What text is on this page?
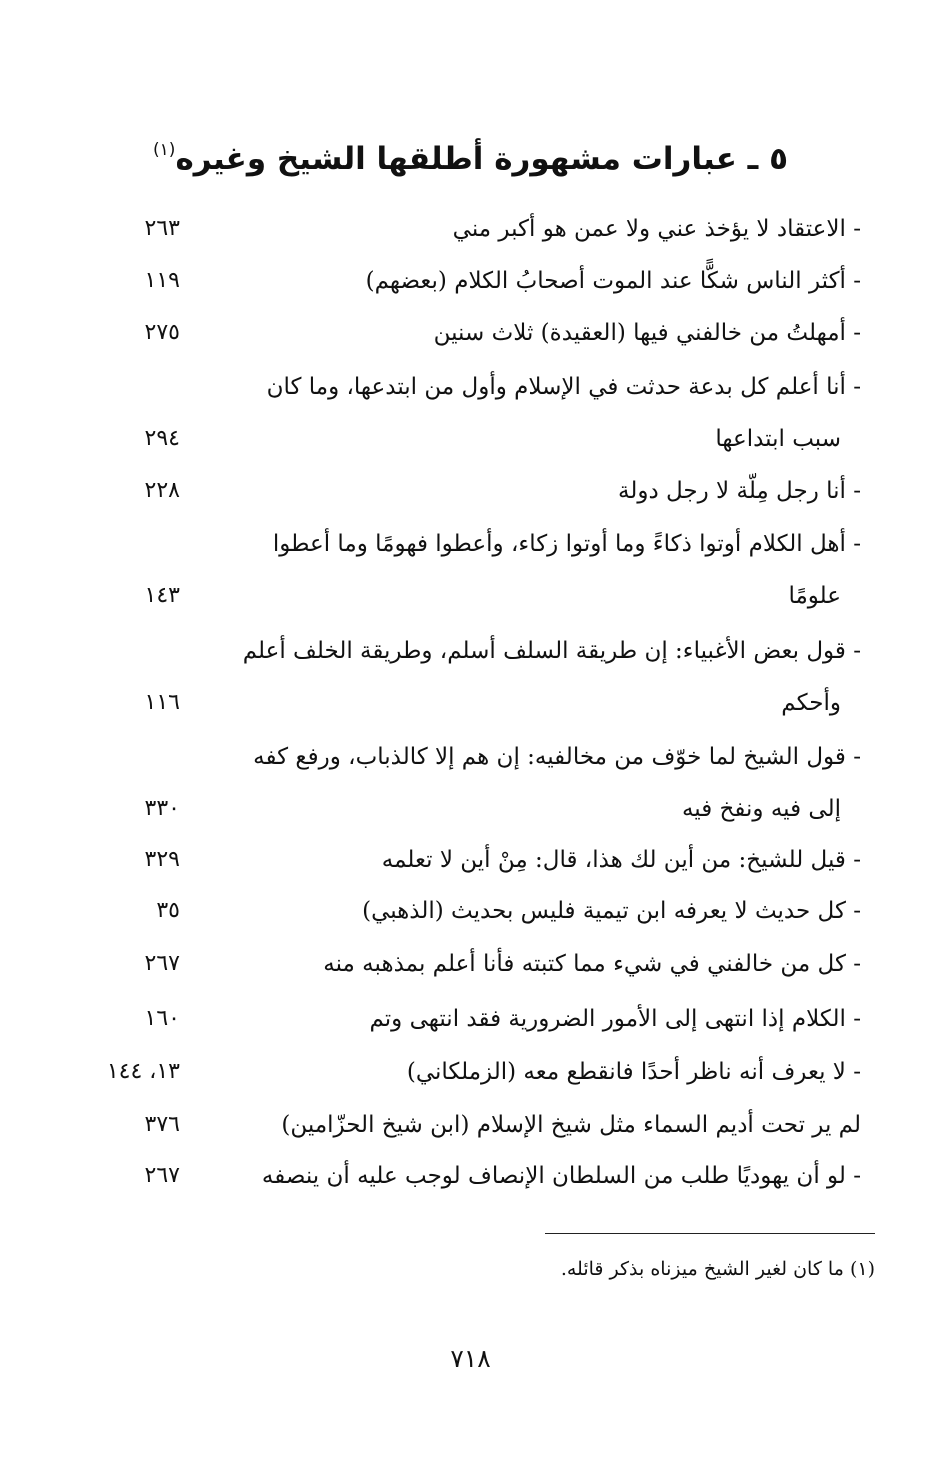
٥ ـ عبارات مشهورة أطلقها الشيخ وغيره$^{(١)}$
- الاعتقاد لا يؤخذ عني ولا عمن هو أكبر مني
٢٦٣
- أكثر الناس شكًّا عند الموت أصحابُ الكلام (بعضهم)
١١٩
- أمهلتُ من خالفني فيها (العقيدة) ثلاث سنين
٢٧٥
- أنا أعلم كل بدعة حدثت في الإسلام وأول من ابتدعها، وما كان
سبب ابتداعها
٢٩٤
- أنا رجل مِلّة لا رجل دولة
٢٢٨
- أهل الكلام أوتوا ذكاءً وما أوتوا زكاء، وأعطوا فهومًا وما أعطوا
علومًا
١٤٣
- قول بعض الأغبياء: إن طريقة السلف أسلم، وطريقة الخلف أعلم
وأحكم
١١٦
- قول الشيخ لما خوّف من مخالفيه: إن هم إلا كالذباب، ورفع كفه
إلى فيه ونفخ فيه
٣٣٠
- قيل للشيخ: من أين لك هذا، قال: مِنْ أين لا تعلمه
٣٢٩
- كل حديث لا يعرفه ابن تيمية فليس بحديث (الذهبي)
٣٥
- كل من خالفني في شيء مما كتبته فأنا أعلم بمذهبه منه
٢٦٧
- الكلام إذا انتهى إلى الأمور الضرورية فقد انتهى وتم
١٦٠
- لا يعرف أنه ناظر أحدًا فانقطع معه (الزملكاني)
١٣، ١٤٤
لم ير تحت أديم السماء مثل شيخ الإسلام (ابن شيخ الحزّامين)
٣٧٦
- لو أن يهوديًا طلب من السلطان الإنصاف لوجب عليه أن ينصفه
٢٦٧
(١) ما كان لغير الشيخ ميزناه بذكر قائله.
٧١٨
